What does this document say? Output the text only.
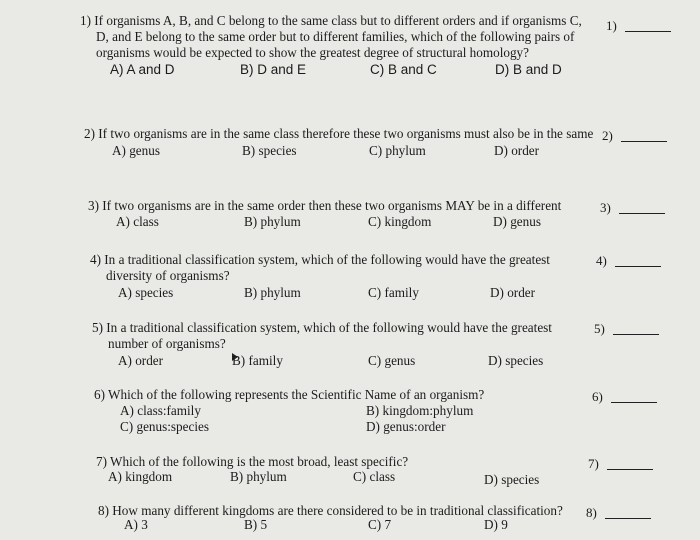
1) If organisms A, B, and C belong to the same class but to different orders and if organisms C, D, and E belong to the same order but to different families, which of the following pairs of organisms would be expected to show the greatest degree of structural homology?
A) A and D	B) D and E	C) B and C	D) B and D
1)
2) If two organisms are in the same class therefore these two organisms must also be in the same
A) genus	B) species	C) phylum	D) order
2)
3) If two organisms are in the same order then these two organisms MAY be in a different
A) class	B) phylum	C) kingdom	D) genus
3)
4) In a traditional classification system, which of the following would have the greatest diversity of organisms?
A) species	B) phylum	C) family	D) order
4)
5) In a traditional classification system, which of the following would have the greatest number of organisms?
A) order	B) family	C) genus	D) species
5)
6) Which of the following represents the Scientific Name of an organism?
A) class:family	B) kingdom:phylum
C) genus:species	D) genus:order
6)
7) Which of the following is the most broad, least specific?
A) kingdom	B) phylum	C) class	D) species
7)
8) How many different kingdoms are there considered to be in traditional classification?
A) 3	B) 5	C) 7	D) 9
8)
